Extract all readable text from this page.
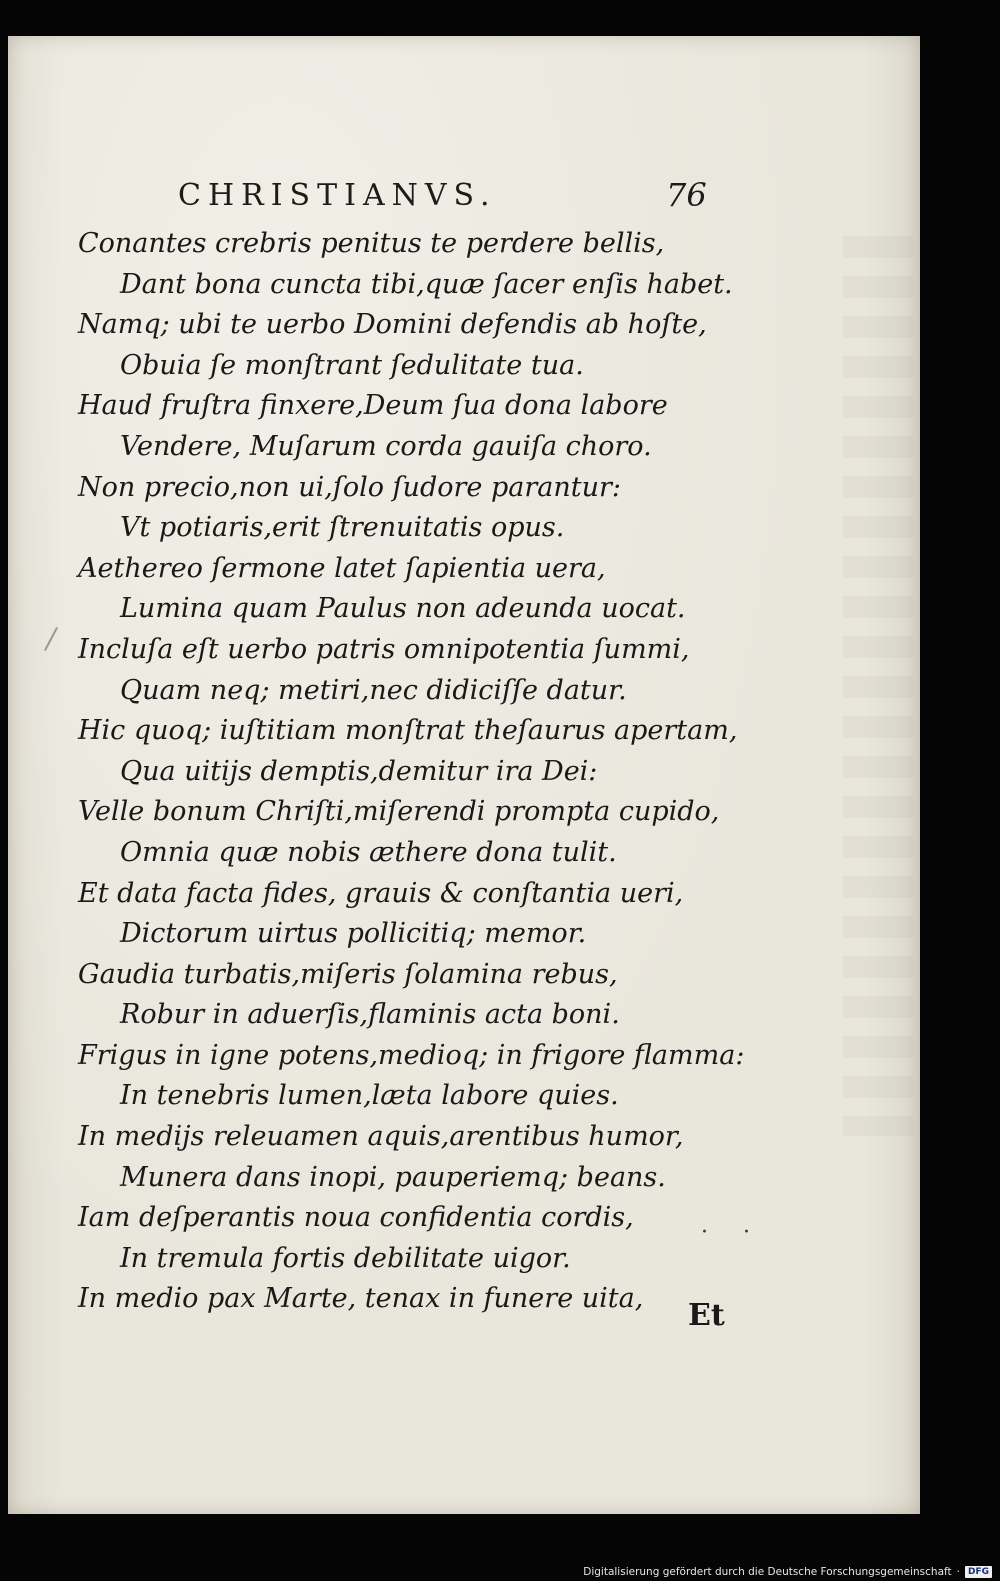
CHRISTIANVS.	76
Conantes crebris penitus te perdere bellis,
Dant bona cuncta tibi,quæ ſacer enſis habet.
Namq; ubi te uerbo Domini defendis ab hoſte,
Obuia ſe monſtrant ſedulitate tua.
Haud fruſtra finxere,Deum ſua dona labore
Vendere, Muſarum corda gauiſa choro.
Non precio,non ui,ſolo ſudore parantur:
Vt potiaris,erit ſtrenuitatis opus.
Aethereo ſermone latet ſapientia uera,
Lumina quam Paulus non adeunda uocat.
Incluſa eſt uerbo patris omnipotentia ſummi,
Quam neq; metiri,nec didiciſſe datur.
Hic quoq; iuſtitiam monſtrat theſaurus apertam,
Qua uitijs demptis,demitur ira Dei:
Velle bonum Chriſti,miſerendi prompta cupido,
Omnia quæ nobis æthere dona tulit.
Et data facta fides, grauis & conſtantia ueri,
Dictorum uirtus pollicitiq; memor.
Gaudia turbatis,miſeris ſolamina rebus,
Robur in aduerſis,flaminis acta boni.
Frigus in igne potens,medioq; in frigore flamma:
In tenebris lumen,læta labore quies.
In medijs releuamen aquis,arentibus humor,
Munera dans inopi, pauperiemq; beans.
Iam deſperantis noua confidentia cordis,
In tremula fortis debilitate uigor.
In medio pax Marte, tenax in funere uita,
· ·
Et
Digitalisierung gefördert durch die Deutsche Forschungsgemeinschaft · DFG
